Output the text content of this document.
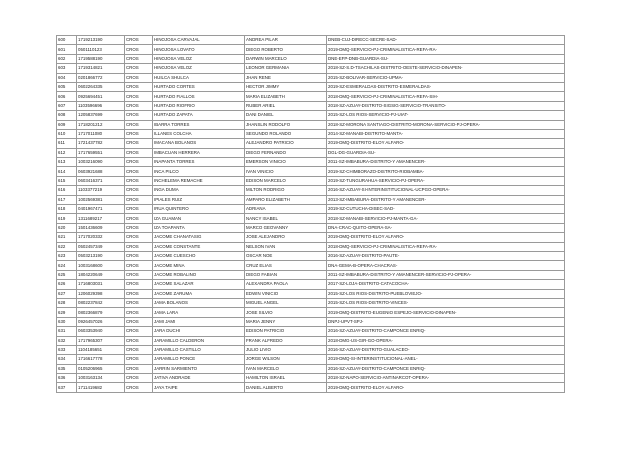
600	1719213190	CROS	HINOJOSA CARVAJAL	ANDREA PILAR	DNEB-CUJ-DIRECC-SECRE-SAD-
601	0501110123	CROS	HINOJOSA LOVATO	DIEGO ROBERTO	2019-DMQ-SERVICIO-PJ-CRIMINALISTICA-REFA-RA-
602	1719588190	CROS	HINOJOSA VELOZ	DARWIN MARCELO	DNE-EFP-DNB-GUARDIA-SU-
603	1719314821	CROS	HINOJOSA VELOZ	LEONOR GERMANIA	2018-SZ-S.D-TSACHILAS-DISTRITO-OESTE-SERVICIO-DINAPEN-
604	0201866772	CROS	HUILCA SHULCA	JHAN RENE	2015-SZ-BOLIVAR-SERVICIO-UPMA-
605	0602264335	CROS	HURTADO CORTES	HECTOR JIMMY	2019-SZ-ESMERALDAS-DISTRITO-ESMERALDAS-
606	0925694451	CROS	HURTADO FIALLOS	MARIA ELIZABETH	2018-DMQ-SERVICIO-PJ-CRIMINALISTICA-REFA-SIH-
607	1103596696	CROS	HURTADO RIOFRIO	RUBER ARIEL	2018-SZ-AZUAY-DISTRITO-SIGSIG-SERVICIO-TRANSITO-
608	1205837699	CROS	HURTADO ZAPATA	DANI DANIEL	2015-SZ-LOS RIOS-SERVICIO-PJ-UIAT-
609	1718201212	CROS	IBARRA TORRES	JHANSLIN RODOLFO	2018-SZ-MORONA SANTIAGO-DISTRITO-MORONA-SERVICIO-PJ-OPERA-
610	1717011080	CROS	ILLANES COLCHA	SEGUNDO ROLANDO	2014-SZ-MANABI-DISTRITO-MANTA-
611	1721437782	CROS	IMACANA BOLANOS	ALEJANDRO PATRICIO	2019-DMQ-DISTRITO-ELOY ALFARO-
612	1717659551	CROS	IMBACUAN HERRERA	DIEGO FERNANDO	DGL-DG-GUARDIA-SU-
613	1003216090	CROS	INAPANTA TORRES	EMERSON VINICIO	2011-SZ-IMBABURA-DISTRITO-Y AMANENCER-
614	0603921688	CROS	INCA PILCO	IVAN VINICIO	2019-SZ-CHIMBORAZO-DISTRITO-RIOBAMBA-
615	0603416371	CROS	INCHELEMA REMACHE	EDISON MARCELO	2019-SZ-TUNGURAHUA-SERVICIO-PJ-OPERA-
616	1103377219	CROS	INGA DUMA	MILTON RODRIGO	2016-SZ-AZUAY-SI-INTERINSTITUCIONAL-UCPGO-OPERA-
617	1002569381	CROS	IPIALES RUIZ	AMPARO ELIZABETH	2013-SZ-IMBABURA-DISTRITO-Y AMANENCER-
618	0401967471	CROS	IRUA QUINTERO	ADRIANA	2019-SZ-CUTUCHA-DISEC-SAD-
619	1311689217	CROS	IZA GUAMAN	NANCY ISABEL	2018-SZ-MANABI-SERVICIO-PJ-MANTA-GA-
620	1501436609	CROS	IZA TOAPANTA	MARCO GEOVANNY	DNA-CRAC-QUITO-OPERA-SA-
621	1717020332	CROS	JACOME CHANATASIG	JOSE ALEJANDRO	2019-DMQ-DISTRITO-ELOY ALFARO-
622	0502457349	CROS	JACOME CONSTANTE	NELSON IVAN	2018-DMQ-SERVICIO-PJ-CRIMINALISTICA-REFA-RA-
623	0503213190	CROS	JACOME CUESCHO	OSCAR NOE	2016-SZ-AZUAY-DISTRITO-PAUTE-
624	1003168600	CROS	JACOME MINA	CRUZ ELIAS	DNA-GEMA-B-OPERA-CHACRAS-
625	1804220649	CROS	JACOME ROBALINO	DIEGO FABIAN	2011-SZ-IMBABURA-DISTRITO-Y AMANENCER-SERVICIO-PJ-OPERA-
626	1716803031	CROS	JACOME SALAZAR	ALEXANDRA PAOLA	2017-SZ-LOJA-DISTRITO-CATACOCHA-
627	1206029398	CROS	JACOME ZARUMA	EDWIN VINICIO	2015-SZ-LOS RIOS-DISTRITO-PUEBLOVIEJO-
628	0802237842	CROS	JAMA BOLANOS	MIGUEL ANGEL	2015-SZ-LOS RIOS-DISTRITO-VINCES-
629	0802366879	CROS	JAMA LARA	JOSE SILVIO	2019-DMQ-DISTRITO-EUGENIO ESPEJO-SERVICIO-DINAPEN-
630	0926457026	CROS	JAMI JAMI	MARIA JENNY	DNPJ-UPVT-SPJ-
631	0603353940	CROS	JARA DUCHI	EDISON PATRICIO	2016-SZ-AZUAY-DISTRITO-CAMPONCE ENRIQ-
632	1717965307	CROS	JARAMILLO CALDERON	FRANK ALFREDO	2018-DMG-US-GIR-GO-OPERA-
633	1104185651	CROS	JARAMILLO CASTILLO	JULIO LIVIO	2016-SZ-AZUAY-DISTRITO-GUALACEO-
634	1716617778	CROS	JARAMILLO PONCE	JORGE WILSON	2019-DMQ-SI-INTERINSTITUCIONAL-ANEL-
635	0105206965	CROS	JARRIN SARMIENTO	IVAN MARCELO	2016-SZ-AZUAY-DISTRITO-CAMPONCE ENRIQ-
636	1003163134	CROS	JATIVA ANDRADE	HAMILTON ISRAEL	2018-SZ-NAPO-SERVICIO-ANTINARCOT-OPERA-
637	1711419682	CROS	JAYA TAIPE	DANIEL ALBERTO	2019-DMQ-DISTRITO-ELOY ALFARO-
